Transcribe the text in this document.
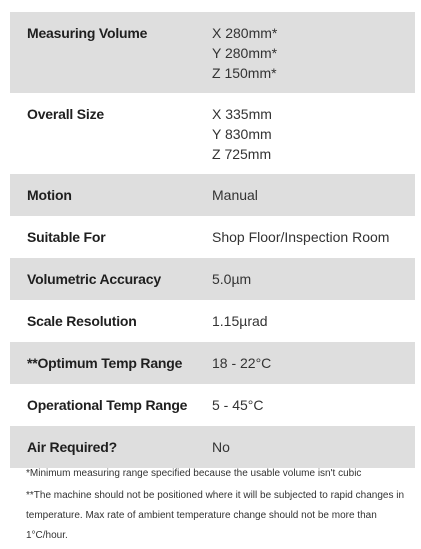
Measuring Volume	X 280mm*
Y 280mm*
Z 150mm*
Overall Size	X 335mm
Y 830mm
Z 725mm
Motion	Manual
Suitable For	Shop Floor/Inspection Room
Volumetric Accuracy	5.0µm
Scale Resolution	1.15µrad
**Optimum Temp Range	18 - 22°C
Operational Temp Range	5 - 45°C
Air Required?	No

*Minimum measuring range specified because the usable volume isn't cubic

**The machine should not be positioned where it will be subjected to rapid changes in temperature. Max rate of ambient temperature change should not be more than 1°C/hour.
